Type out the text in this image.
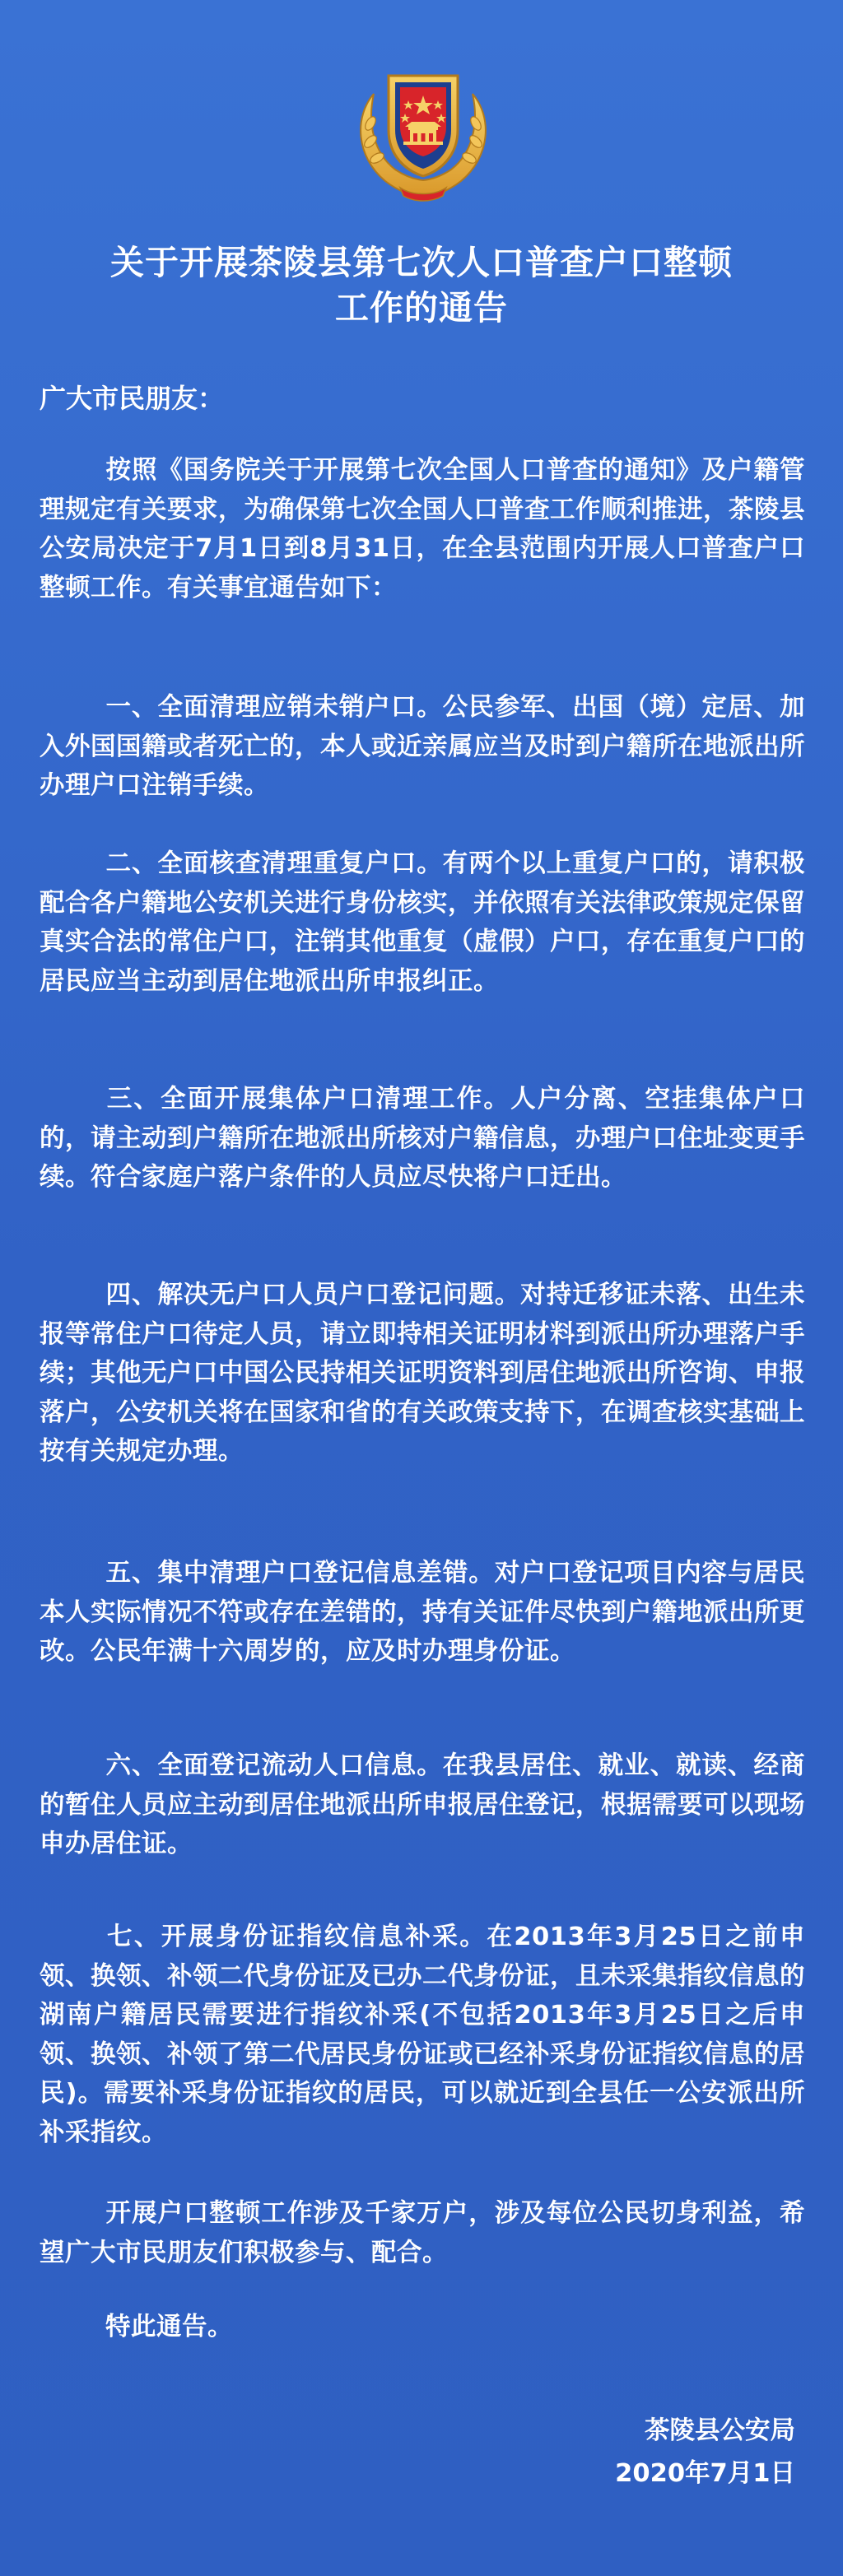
关于开展茶陵县第七次人口普查户口整顿
工作的通告
广大市民朋友：
按照《国务院关于开展第七次全国人口普查的通知》及户籍管理规定有关要求，为确保第七次全国人口普查工作顺利推进，茶陵县公安局决定于7月1日到8月31日，在全县范围内开展人口普查户口整顿工作。有关事宜通告如下：
一、全面清理应销未销户口。公民参军、出国（境）定居、加入外国国籍或者死亡的，本人或近亲属应当及时到户籍所在地派出所办理户口注销手续。
二、全面核查清理重复户口。有两个以上重复户口的，请积极配合各户籍地公安机关进行身份核实，并依照有关法律政策规定保留真实合法的常住户口，注销其他重复（虚假）户口，存在重复户口的居民应当主动到居住地派出所申报纠正。
三、全面开展集体户口清理工作。人户分离、空挂集体户口的，请主动到户籍所在地派出所核对户籍信息，办理户口住址变更手续。符合家庭户落户条件的人员应尽快将户口迁出。
四、解决无户口人员户口登记问题。对持迁移证未落、出生未报等常住户口待定人员，请立即持相关证明材料到派出所办理落户手续；其他无户口中国公民持相关证明资料到居住地派出所咨询、申报落户，公安机关将在国家和省的有关政策支持下，在调查核实基础上按有关规定办理。
五、集中清理户口登记信息差错。对户口登记项目内容与居民本人实际情况不符或存在差错的，持有关证件尽快到户籍地派出所更改。公民年满十六周岁的，应及时办理身份证。
六、全面登记流动人口信息。在我县居住、就业、就读、经商的暂住人员应主动到居住地派出所申报居住登记，根据需要可以现场申办居住证。
七、开展身份证指纹信息补采。在2013年3月25日之前申领、换领、补领二代身份证及已办二代身份证，且未采集指纹信息的湖南户籍居民需要进行指纹补采(不包括2013年3月25日之后申领、换领、补领了第二代居民身份证或已经补采身份证指纹信息的居民)。需要补采身份证指纹的居民，可以就近到全县任一公安派出所补采指纹。
开展户口整顿工作涉及千家万户，涉及每位公民切身利益，希望广大市民朋友们积极参与、配合。
特此通告。
茶陵县公安局
2020年7月1日
